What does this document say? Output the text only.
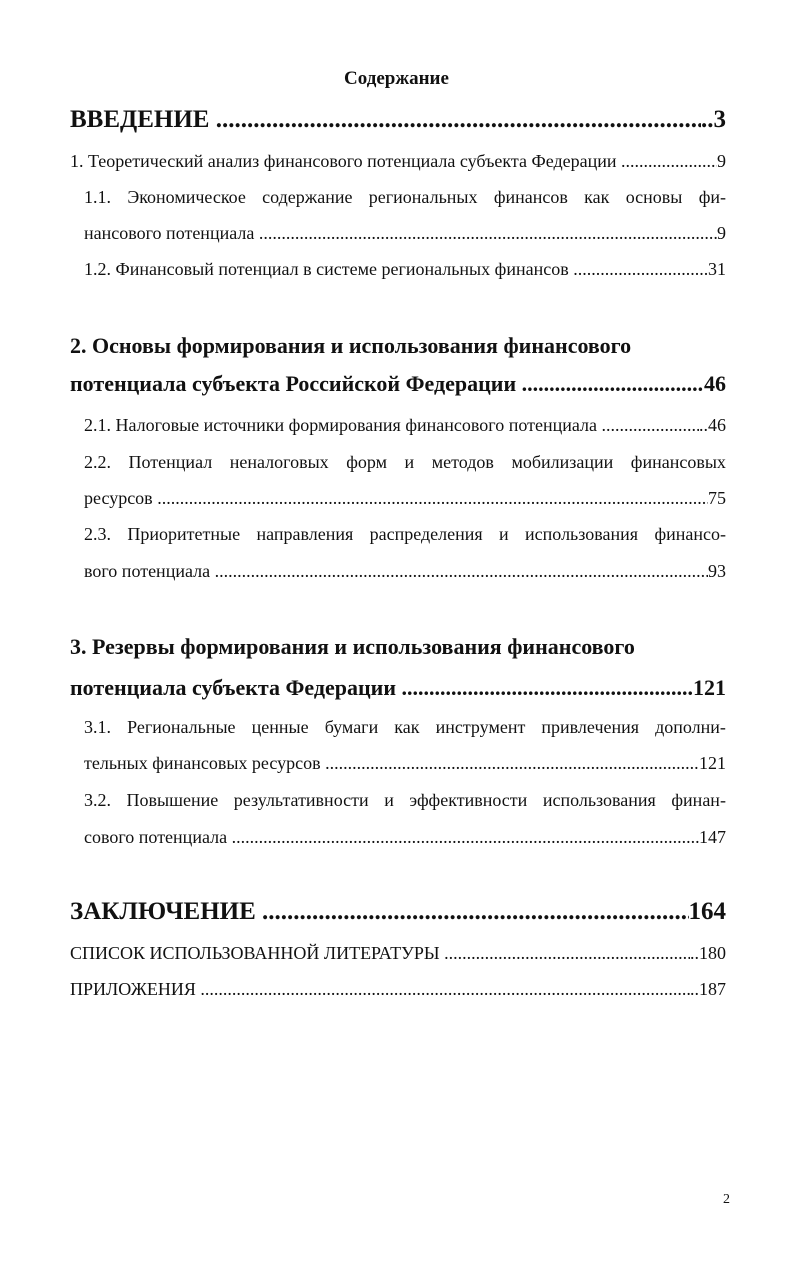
Содержание
ВВЕДЕНИЕ .....	..3
1. Теоретический анализ финансового потенциала субъекта Федерации .....	9
1.1. Экономическое содержание региональных финансов как основы фи-
нансового потенциала .....	9
1.2. Финансовый потенциал в системе региональных финансов .....	31
2. Основы формирования и использования финансового
потенциала субъекта Российской Федерации .....	46
2.1. Налоговые источники формирования финансового потенциала .....	..46
2.2. Потенциал неналоговых форм и методов мобилизации финансовых
ресурсов .....	75
2.3. Приоритетные направления распределения и использования финансо-
вого потенциала .....	93
3. Резервы формирования и использования финансового
потенциала субъекта Федерации .....	121
3.1. Региональные ценные бумаги как инструмент привлечения дополни-
тельных финансовых ресурсов .....	121
3.2. Повышение результативности и эффективности использования финан-
сового потенциала .....	147
ЗАКЛЮЧЕНИЕ .....	164
СПИСОК ИСПОЛЬЗОВАННОЙ ЛИТЕРАТУРЫ .....	..180
ПРИЛОЖЕНИЯ .....	..187
2
